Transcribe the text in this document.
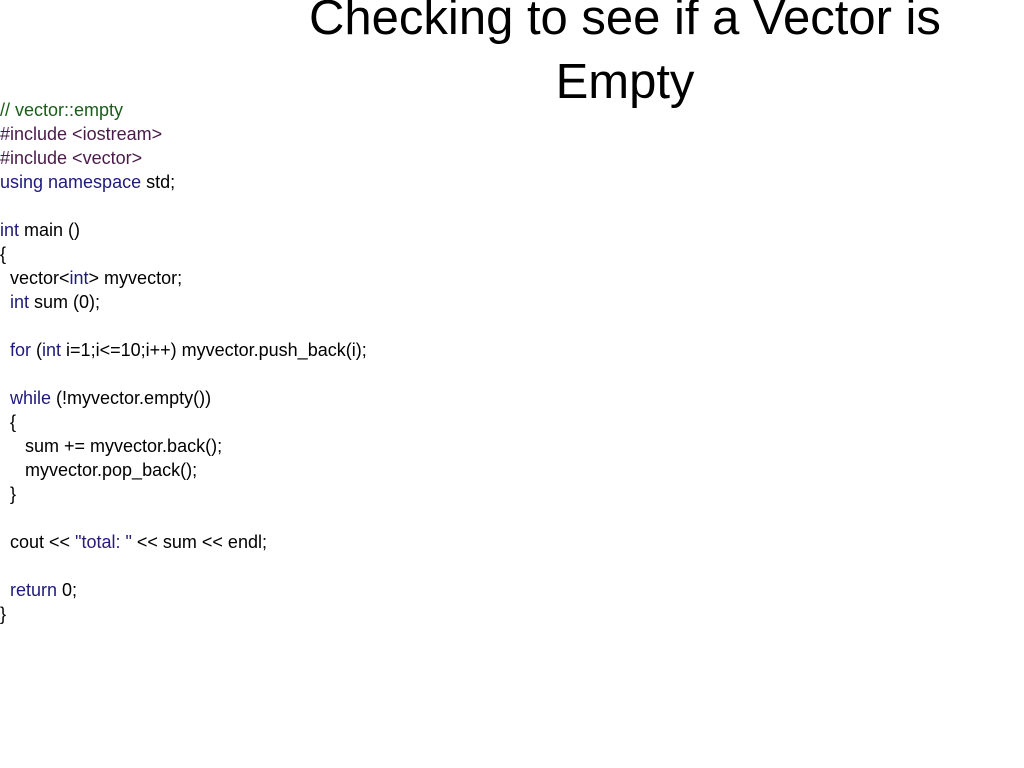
Checking to see if a Vector is
Empty
// vector::empty
#include <iostream>
#include <vector>
using namespace std;
int main ()
{
vector<int> myvector;
int sum (0);
for (int i=1;i<=10;i++) myvector.push_back(i);
while (!myvector.empty())
{
sum += myvector.back();
myvector.pop_back();
}
cout << "total: " << sum << endl;
return 0;
}
